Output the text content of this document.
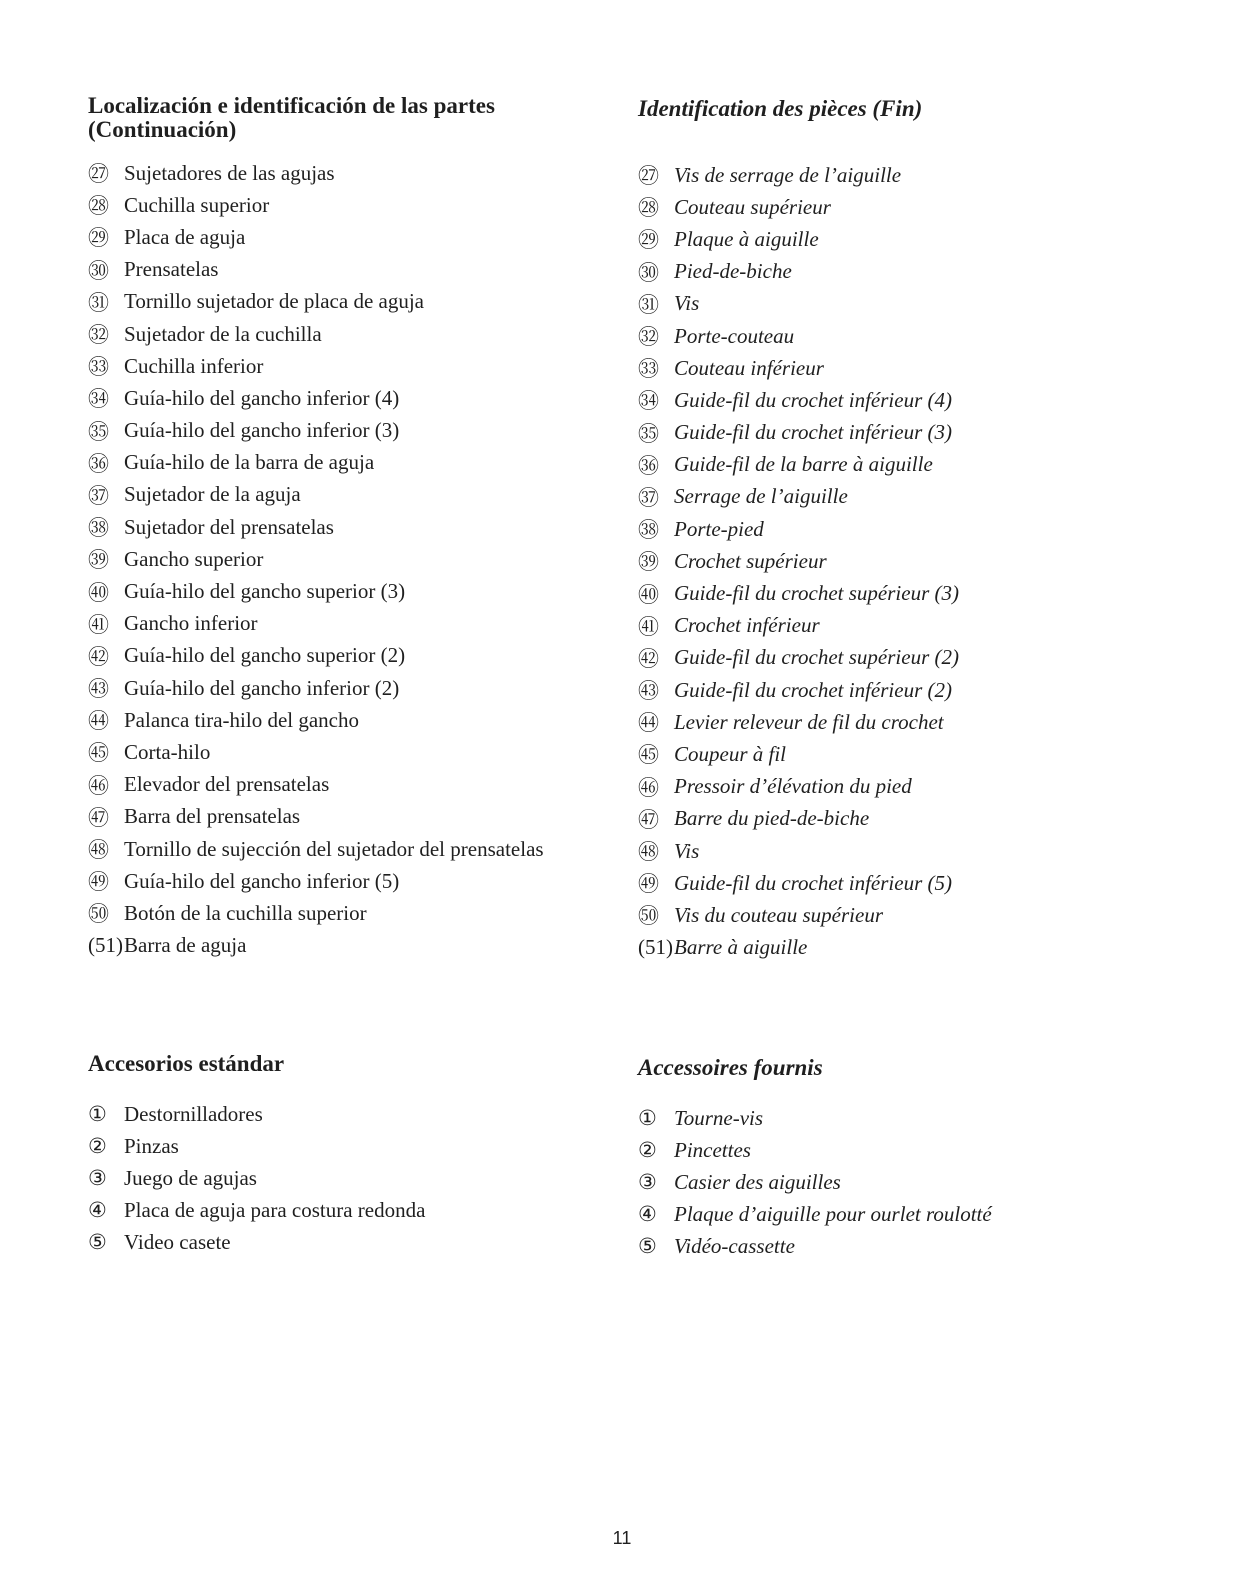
Localización e identificación de las partes
(Continuación)
㉗ Sujetadores de las agujas
㉘ Cuchilla superior
㉙ Placa de aguja
㉚ Prensatelas
㉛ Tornillo sujetador de placa de aguja
㉜ Sujetador de la cuchilla
㉝ Cuchilla inferior
㉞ Guía-hilo del gancho inferior (4)
㉟ Guía-hilo del gancho inferior (3)
㊱ Guía-hilo de la barra de aguja
㊲ Sujetador de la aguja
㊳ Sujetador del prensatelas
㊴ Gancho superior
㊵ Guía-hilo del gancho superior (3)
㊶ Gancho inferior
㊷ Guía-hilo del gancho superior (2)
㊸ Guía-hilo del gancho inferior (2)
㊹ Palanca tira-hilo del gancho
㊺ Corta-hilo
㊻ Elevador del prensatelas
㊼ Barra del prensatelas
㊽ Tornillo de sujección del sujetador del prensatelas
㊾ Guía-hilo del gancho inferior (5)
㊿ Botón de la cuchilla superior
(51) Barra de aguja
Identification des pièces (Fin)
㉗ Vis de serrage de l’aiguille
㉘ Couteau supérieur
㉙ Plaque à aiguille
㉚ Pied-de-biche
㉛ Vis
㉜ Porte-couteau
㉝ Couteau inférieur
㉞ Guide-fil du crochet inférieur (4)
㉟ Guide-fil du crochet inférieur (3)
㊱ Guide-fil de la barre à aiguille
㊲ Serrage de l’aiguille
㊳ Porte-pied
㊴ Crochet supérieur
㊵ Guide-fil du crochet supérieur (3)
㊶ Crochet inférieur
㊷ Guide-fil du crochet supérieur (2)
㊸ Guide-fil du crochet inférieur (2)
㊹ Levier releveur de fil du crochet
㊺ Coupeur à fil
㊻ Pressoir d’élévation du pied
㊼ Barre du pied-de-biche
㊽ Vis
㊾ Guide-fil du crochet inférieur (5)
㊿ Vis du couteau supérieur
(51) Barre à aiguille
Accesorios estándar
① Destornilladores
② Pinzas
③ Juego de agujas
④ Placa de aguja para costura redonda
⑤ Video casete
Accessoires fournis
① Tourne-vis
② Pincettes
③ Casier des aiguilles
④ Plaque d’aiguille pour ourlet roulotté
⑤ Vidéo-cassette
11
